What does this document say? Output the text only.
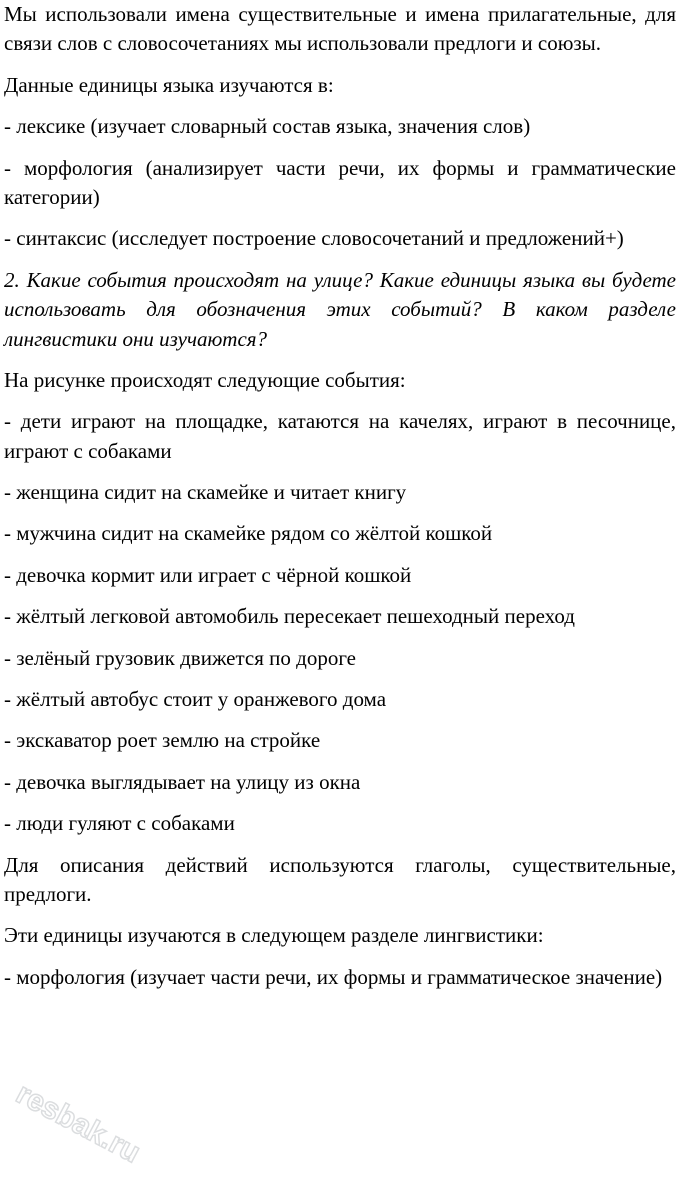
Мы использовали имена существительные и имена прилагательные, для связи слов с словосочетаниях мы использовали предлоги и союзы.

Данные единицы языка изучаются в:

- лексике (изучает словарный состав языка, значения слов)

- морфология (анализирует части речи, их формы и грамматические категории)

- синтаксис (исследует построение словосочетаний и предложений+)

2. Какие события происходят на улице? Какие единицы языка вы будете использовать для обозначения этих событий? В каком разделе лингвистики они изучаются?

На рисунке происходят следующие события:

- дети играют на площадке, катаются на качелях, играют в песочнице, играют с собаками

- женщина сидит на скамейке и читает книгу

- мужчина сидит на скамейке рядом со жёлтой кошкой

- девочка кормит или играет с чёрной кошкой

- жёлтый легковой автомобиль пересекает пешеходный переход

- зелёный грузовик движется по дороге

- жёлтый автобус стоит у оранжевого дома

- экскаватор роет землю на стройке

- девочка выглядывает на улицу из окна

- люди гуляют с собаками

Для описания действий используются глаголы, существительные, предлоги.

Эти единицы изучаются в следующем разделе лингвистики:

- морфология (изучает части речи, их формы и грамматическое значение)

resbak.ru
